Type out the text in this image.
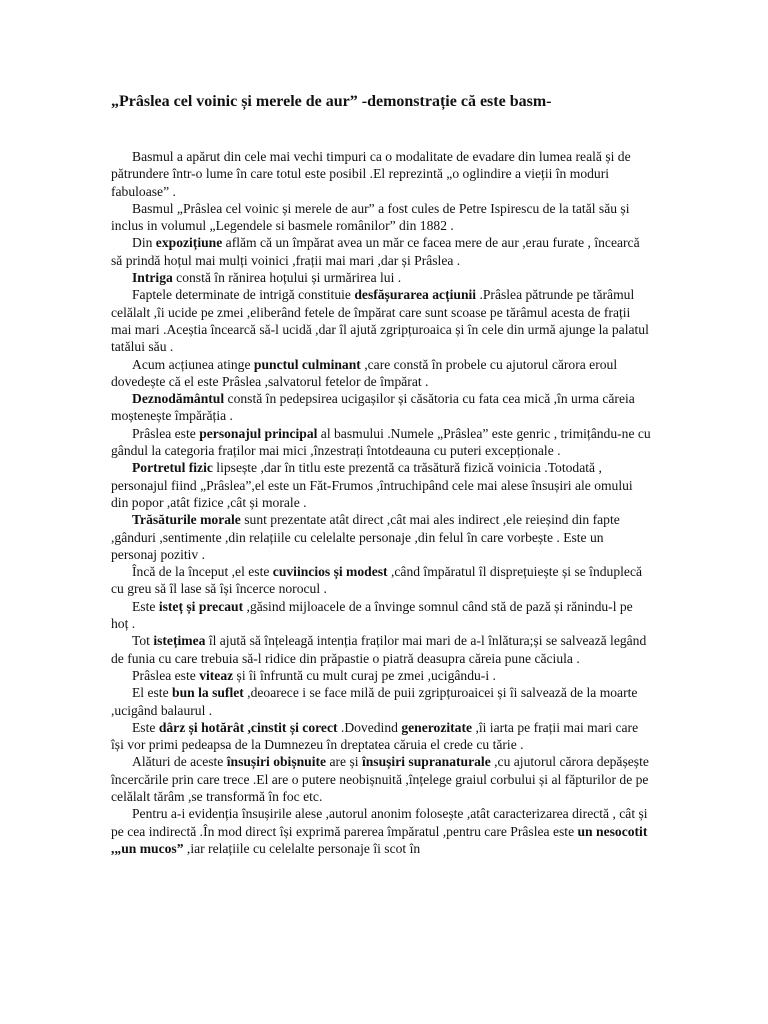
„Prâslea cel voinic și merele de aur” -demonstrație că este basm-

Basmul a apărut din cele mai vechi timpuri ca o modalitate de evadare din lumea reală și de pătrundere într-o lume în care totul este posibil .El reprezintă „o oglindire a vieții în moduri fabuloase” .

Basmul „Prâslea cel voinic și merele de aur” a fost cules de Petre Ispirescu de la tatăl său și inclus in volumul „Legendele si basmele românilor” din 1882 .

Din expozițiune aflăm că un împărat avea un măr ce facea mere de aur ,erau furate , încearcă să prindă hoțul mai mulți voinici ,frații mai mari ,dar și Prâslea .

Intriga constă în rănirea hoțului și urmărirea lui .

Faptele determinate de intrigă constituie desfășurarea acțiunii .Prâslea pătrunde pe tărâmul celălalt ,îi ucide pe zmei ,eliberând fetele de împărat care sunt scoase pe tărâmul acesta de frații mai mari .Aceștia încearcă să-l ucidă ,dar îl ajută zgripțuroaica și în cele din urmă ajunge la palatul tatălui său .

Acum acțiunea atinge punctul culminant ,care constă în probele cu ajutorul cărora eroul dovedește că el este Prâslea ,salvatorul fetelor de împărat .

Deznodământul constă în pedepsirea ucigașilor și căsătoria cu fata cea mică ,în urma căreia moștenește împărăția .

Prâslea este personajul principal al basmului .Numele „Prâslea” este genric , trimițându-ne cu gândul la categoria fraților mai mici ,înzestrați întotdeauna cu puteri excepționale .

Portretul fizic lipsește ,dar în titlu este prezentă ca trăsătură fizică voinicia .Totodată , personajul fiind „Prâslea”,el este un Făt-Frumos ,întruchipând cele mai alese însușiri ale omului din popor ,atât fizice ,cât și morale .

Trăsăturile morale sunt prezentate atât direct ,cât mai ales indirect ,ele reieșind din fapte ,gânduri ,sentimente ,din relațiile cu celelalte personaje ,din felul în care vorbește . Este un personaj pozitiv .

Încă de la început ,el este cuviincios și modest ,când împăratul îl disprețuiește și se înduplecă cu greu să îl lase să își încerce norocul .

Este isteț și precaut ,găsind mijloacele de a învinge somnul când stă de pază și rănindu-l pe hoț .

Tot istețimea îl ajută să înțeleagă intenția fraților mai mari de a-l înlătura;și se salvează legând de funia cu care trebuia să-l ridice din prăpastie o piatră deasupra căreia pune căciula .

Prâslea este viteaz și îi înfruntă cu mult curaj pe zmei ,ucigându-i .

El este bun la suflet ,deoarece i se face milă de puii zgripțuroaicei și îi salvează de la moarte ,ucigând balaurul .

Este dârz și hotărât ,cinstit și corect .Dovedind generozitate ,îi iarta pe frații mai mari care își vor primi pedeapsa de la Dumnezeu în dreptatea căruia el crede cu tărie .

Alături de aceste însușiri obișnuite are și însușiri supranaturale ,cu ajutorul cărora depășește încercările prin care trece .El are o putere neobișnuită ,înțelege graiul corbului și al făpturilor de pe celălalt tărâm ,se transformă în foc etc.

Pentru a-i evidenția însușirile alese ,autorul anonim folosește ,atât caracterizarea directă , cât și pe cea indirectă .În mod direct își exprimă parerea împăratul ,pentru care Prâslea este un nesocotit ,„un mucos” ,iar relațiile cu celelalte personaje îi scot în
